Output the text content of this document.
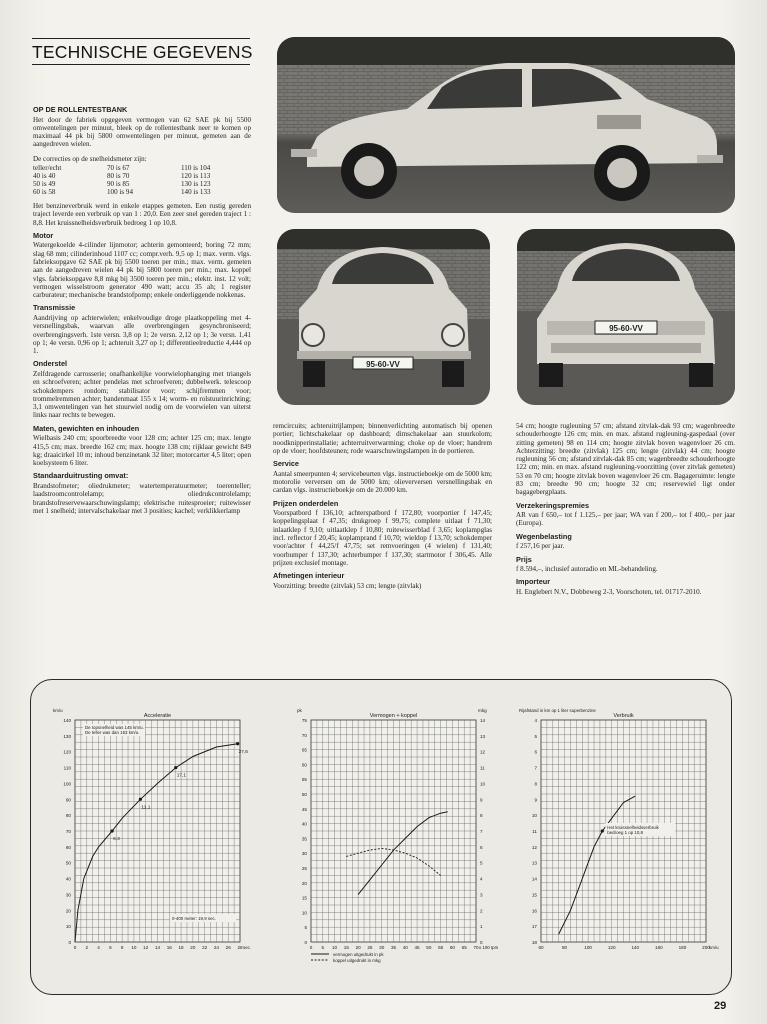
TECHNISCHE GEGEVENS
OP DE ROLLENTESTBANK

Het door de fabriek opgegeven vermogen van 62 SAE pk bij 5500 omwentelingen per minuut, bleek op de rollentestbank neer te komen op maximaal 44 pk bij 5800 omwentelingen per minuut, gemeten aan de aangedreven wielen.

De correcties op de snelheidsmeter zijn:

teller/echt	70 is 67	110 is 104
40 is 40	80 is 70	120 is 113
50 is 49	90 is 85	130 is 123
60 is 58	100 is 94	140 is 133

Het benzineverbruik werd in enkele etappes gemeten. Een rustig gereden traject leverde een verbruik op van 1 : 20,0. Een zeer snel gereden traject 1 : 8,8. Het kruissnelheidsverbruik bedroeg 1 op 10,8.

Motor

Watergekoelde 4-cilinder lijnmotor; achterin gemonteerd; boring 72 mm; slag 68 mm; cilinderinhoud 1107 cc; compr.verh. 9,5 op 1; max. verm. vlgs. fabrieksopgave 62 SAE pk bij 5500 toeren per min.; max. verm. gemeten aan de aangedreven wielen 44 pk bij 5800 toeren per min.; max. koppel vlgs. fabrieksopgave 8,8 mkg bij 3500 toeren per min.; elektr. inst. 12 volt; vermogen wisselstroom generator 490 watt; accu 35 ah; 1 register carburateur; mechanische brandstofpomp; enkele onderliggende nokkenas.

Transmissie

Aandrijving op achterwielen; enkelvoudige droge plaatkoppeling met 4-versnellingsbak, waarvan alle overbrengingen gesynchroniseerd; overbrengingsverh. 1ste versn. 3,8 op 1; 2e versn. 2,12 op 1; 3e versn. 1,41 op 1; 4e versn. 0,96 op 1; achteruit 3,27 op 1; differentieelreductie 4,444 op 1.

Onderstel

Zelfdragende carrosserie; onafhankelijke voorwielophanging met triangels en schroefveren; achter pendelas met schroefveren; dubbelwerk. telescoop schokdempers rondom; stabilisator voor; schijfremmen voor; trommelremmen achter; bandenmaat 155 x 14; worm- en rolstuurinrichting; 3,1 omwentelingen van het stuurwiel nodig om de voorwielen van uiterst links naar rechts te bewegen.

Maten, gewichten en inhouden

Wielbasis 240 cm; spoorbreedte voor 128 cm; achter 125 cm; max. lengte 415,5 cm; max. breedte 162 cm; max. hoogte 138 cm; rijklaar gewicht 849 kg; draaicirkel 10 m; inhoud benzinetank 32 liter; motorcarter 4,5 liter; open koelsysteem 6 liter.

Standaarduitrusting omvat:

Brandstofmeter; oliedrukmeter; watertemperatuurmeter; toerenteller; laadstroomcontrolelamp; oliedrukcontrolelamp; brandstofreservewaarschuwingslamp; elektrische ruitesproeier; ruitewisser met 1 snelheid; intervalschakelaar met 3 posities; kachel; verklikkerlamp

remcircuits; achteruitrijlampen; binnenverlichting automatisch bij openen portier; lichtschakelaar op dashboard; dimschakelaar aan stuurkolom; noodknipperinstallatie; achterruitverwarming; choke op de vloer; handrem op de vloer; hoofdsteunen; rode waarschuwingslampen in de portieren.

Service

Aantal smeerpunten 4; servicebeurten vlgs. instructieboekje om de 5000 km; motorolie verversen om de 5000 km; olieverversen versnellingsbak en cardan vlgs. instructieboekje om de 20.000 km.

Prijzen onderdelen

Voorspatbord f 136,10; achterspatbord f 172,80; voorportier f 147,45; koppelingsplaat f 47,35; drukgroep f 99,75; complete uitlaat f 71,30; inlaatklep f 9,10; uitlaatklep f 10,80; ruitewisserblad f 3,65; koplampglas incl. reflector f 20,45; koplamprand f 10,70; wieldop f 13,70; schokdemper voor/achter f 44,25/f 47,75; set remvoeringen (4 wielen) f 131,40; voorbumper f 137,30; achterbumper f 137,30; startmotor f 306,45. Alle prijzen exclusief montage.

Afmetingen interieur

Voorzitting: breedte (zitvlak) 53 cm; lengte (zitvlak)

54 cm; hoogte rugleuning 57 cm; afstand zitvlak-dak 93 cm; wagenbreedte schouderhoogte 126 cm; min. en max. afstand rugleuning-gaspedaal (over zitting gemeten) 98 en 114 cm; hoogte zitvlak boven wagenvloer 26 cm. Achterzitting: breedte (zitvlak) 125 cm; lengte (zitvlak) 44 cm; hoogte rugleuning 56 cm; afstand zitvlak-dak 85 cm; wagenbreedte schouderhoogte 122 cm; min. en max. afstand rugleuning-voorzitting (over zitvlak gemeten) 53 en 70 cm; hoogte zitvlak boven wagenvloer 26 cm. Bagageruimte: lengte 83 cm; breedte 90 cm; hoogte 32 cm; reservewiel ligt onder bagagebergplaats.

Verzekeringspremies

AR van f 650,– tot f 1.125,– per jaar; WA van f 200,– tot f 400,– per jaar (Europa).

Wegenbelasting

f 257,16 per jaar.

Prijs

f 8.594,–, inclusief autoradio en ML-behandeling.

Importeur

H. Englebert N.V., Dobbeweg 2-3, Voorschoten, tel. 01717-2010.

95-60-VV
95-60-VV
Acceleratie
140
130
120
110
100
90
80
70
60
50
40
30
20
10
0
km/u
0 2 4 6 8 10 12 14 16 18 20 22 24 26 28 sec.
6,3
11,1
17,1
27,6
De topsnelheid was 145 km/u.
De teller was dan 153 km/u.
0-400 meter: 19,9 sec.
Vermogen + koppel
75
70
65
60
55
50
45
40
35
30
25
20
15
10
5
0
14
13
12
11
10
9
8
7
6
5
4
3
2
1
0
pk	mkg
0 5 10 15 20 25 30 35 40 45 50 55 60 65 70 x 100 tpm
vermogen uitgedrukt in pk
koppel uitgedrukt in mkg
Verbruik
4
5
6
7
8
9
10
11
12
13
14
15
16
17
18
Rijafstand in km op 1 liter superbenzine
60	80	100	120	140	160	180	200 km/u
Het kruissnelheidsverbruik
bedroeg 1 op 10,8
29
